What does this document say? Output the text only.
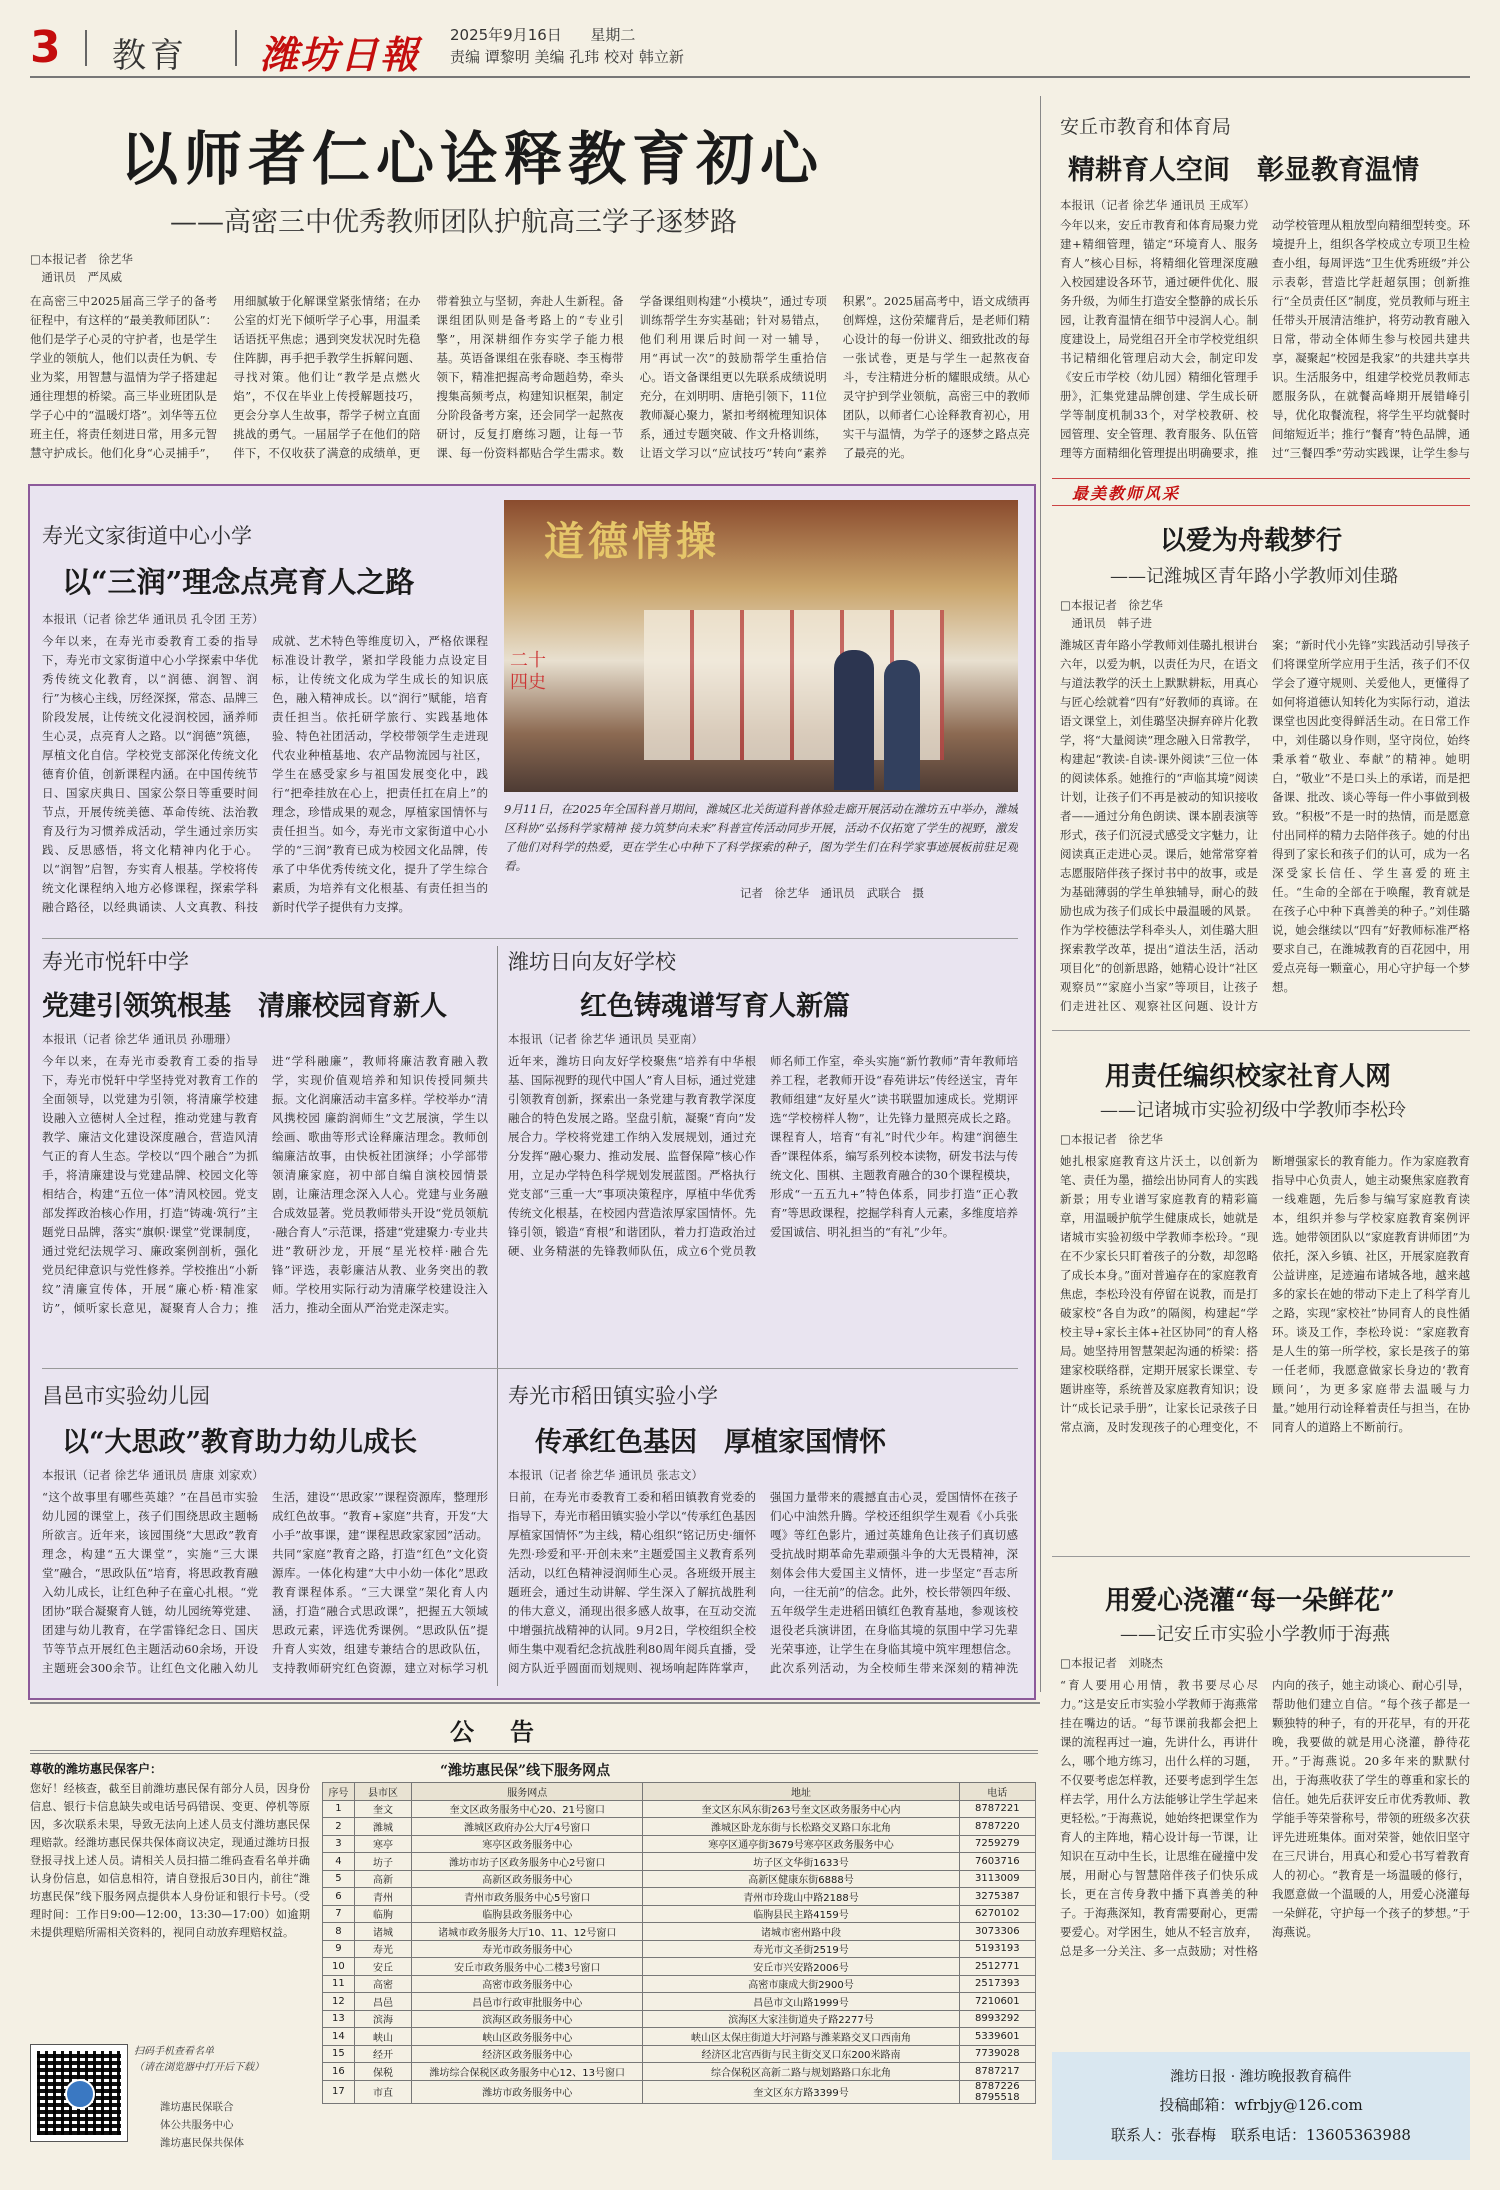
3 教育 潍坊日報 2025年9月16日 星期二
责编 谭黎明 美编 孔玮 校对 韩立新
以师者仁心诠释教育初心
——高密三中优秀教师团队护航高三学子逐梦路
□本报记者　徐艺华
　通讯员　严凤威
在高密三中2025届高三学子的备考征程中，有这样的“最美教师团队”：他们是学子心灵的守护者，也是学生学业的领航人，他们以责任为帆、专业为桨，用智慧与温情为学子搭建起通往理想的桥梁。高三毕业班团队是学子心中的“温暖灯塔”。刘华等五位班主任，将责任刻进日常，用多元智慧守护成长。他们化身“心灵捕手”，用细腻敏于化解课堂紧张情绪；在办公室的灯光下倾听学子心事，用温柔话语抚平焦虑；遇到突发状况时先稳住阵脚，再手把手教学生拆解问题、寻找对策。他们让“教学是点燃火焰”，不仅在毕业上传授解题技巧，更会分享人生故事，帮学子树立直面挑战的勇气。一届届学子在他们的陪伴下，不仅收获了满意的成绩单，更带着独立与坚韧，奔赴人生新程。备课组团队则是备考路上的“专业引擎”，用深耕细作夯实学子能力根基。英语备课组在张春晓、李玉梅带领下，精准把握高考命题趋势，牵头搜集高频考点，构建知识框架，制定分阶段备考方案，还会同学一起熬夜研讨，反复打磨练习题，让每一节课、每一份资料都贴合学生需求。数学备课组则构建“小模块”，通过专项训练帮学生夯实基础；针对易错点，他们利用课后时间一对一辅导，用“再试一次”的鼓励帮学生重拾信心。语文备课组更以先联系成绩说明充分，在刘明明、唐艳引领下，11位教师凝心聚力，紧扣考纲梳理知识体系，通过专题突破、作文升格训练，让语文学习以“应试技巧”转向“素养积累”。2025届高考中，语文成绩再创辉煌，这份荣耀背后，是老师们精心设计的每一份讲义、细致批改的每一张试卷，更是与学生一起熬夜奋斗，专注精进分析的耀眼成绩。从心灵守护到学业领航，高密三中的教师团队，以师者仁心诠释教育初心，用实干与温情，为学子的逐梦之路点亮了最亮的光。
寿光文家街道中心小学
以“三润”理念点亮育人之路
本报讯（记者 徐艺华 通讯员 孔令团 王芳）
今年以来，在寿光市委教育工委的指导下，寿光市文家街道中心小学探索中华优秀传统文化教育，以“润德、润智、润行”为核心主线，厉经深探，常态、品牌三阶段发展，让传统文化浸润校园，涵养师生心灵，点亮育人之路。以“润德”筑德，厚植文化自信。学校党支部深化传统文化德育价值，创新课程内涵。在中国传统节日、国家庆典日、国家公祭日等重要时间节点，开展传统美德、革命传统、法治教育及行为习惯养成活动，学生通过亲历实践、反思感悟，将文化精神内化于心。以“润智”启智，夯实育人根基。学校将传统文化课程纳入地方必修课程，探索学科融合路径，以经典诵读、人文真教、科技成就、艺术特色等维度切入，严格依课程标准设计教学，紧扣学段能力点设定目标，让传统文化成为学生成长的知识底色，融入精神成长。以“润行”赋能，培育责任担当。依托研学旅行、实践基地体验、特色社团活动，学校带领学生走进现代农业种植基地、农产品物流园与社区，学生在感受家乡与祖国发展变化中，践行“把牵挂放在心上，把责任扛在肩上”的理念，珍惜成果的观念，厚植家国情怀与责任担当。如今，寿光市文家街道中心小学的“三润”教育已成为校园文化品牌，传承了中华优秀传统文化，提升了学生综合素质，为培养有文化根基、有责任担当的新时代学子提供有力支撑。
道德情操
二十四史
9月11日，在2025年全国科普月期间，潍城区北关街道科普体验走廊开展活动在潍坊五中举办，潍城区科协“弘扬科学家精神 接力筑梦向未来”科普宣传活动同步开展，活动不仅拓宽了学生的视野，激发了他们对科学的热爱，更在学生心中种下了科学探索的种子，图为学生们在科学家事迹展板前驻足观看。
记者　徐艺华　通讯员　武联合　摄
寿光市悦轩中学
党建引领筑根基　清廉校园育新人
本报讯（记者 徐艺华 通讯员 孙珊珊）
今年以来，在寿光市委教育工委的指导下，寿光市悦轩中学坚持党对教育工作的全面领导，以党建为引领，将清廉学校建设融入立德树人全过程，推动党建与教育教学、廉洁文化建设深度融合，营造风清气正的育人生态。学校以“四个融合”为抓手，将清廉建设与党建品牌、校园文化等相结合，构建“五位一体”清风校园。党支部发挥政治核心作用，打造“铸魂·筑行”主题党日品牌，落实“旗帜·课堂”党课制度，通过党纪法规学习、廉政案例剖析，强化党员纪律意识与党性修养。学校推出“小新纹”清廉宣传体，开展“廉心桥·精准家访”，倾听家长意见，凝聚育人合力；推进“学科融廉”，教师将廉洁教育融入教学，实现价值观培养和知识传授同频共振。文化润廉活动丰富多样。学校举办“清风携校园 廉韵润师生”文艺展演，学生以绘画、歌曲等形式诠释廉洁理念。教师创编廉洁故事，由快板社团演绎；小学部带领清廉家庭，初中部自编自演校园情景剧，让廉洁理念深入人心。党建与业务融合成效显著。党员教师带头开设“党员领航·融合育人”示范课，搭建“党建聚力·专业共进”教研沙龙，开展“星光校样·融合先锋”评选，表彰廉洁从教、业务突出的教师。学校用实际行动为清廉学校建设注入活力，推动全面从严治党走深走实。
潍坊日向友好学校
红色铸魂谱写育人新篇
本报讯（记者 徐艺华 通讯员 吴亚南）
近年来，潍坊日向友好学校聚焦“培养有中华根基、国际视野的现代中国人”育人目标，通过党建引领教育创新，探索出一条党建与教育教学深度融合的特色发展之路。坚盘引航，凝聚“育向”发展合力。学校将党建工作纳入发展规划，通过充分发挥“融心聚力、推动发展、监督保障”核心作用，立足办学特色科学规划发展蓝图。严格执行党支部“三重一大”事项决策程序，厚植中华优秀传统文化根基，在校园内营造浓厚家国情怀。先锋引领，锻造“育根”和谐团队，着力打造政治过硬、业务精湛的先锋教师队伍，成立6个党员教师名师工作室，牵头实施“新竹教师”青年教师培养工程，老教师开设“春苑讲坛”传经送宝，青年教师组建“友好星火”读书联盟加速成长。党期评选“学校榜样人物”，让先锋力量照亮成长之路。课程育人，培育“有礼”时代少年。构建“润德生香”课程体系，编写系列校本读物，研发书法与传统文化、围棋、主题教育融合的30个课程模块，形成“一五五九+”特色体系，同步打造“正心教育”等思政课程，挖掘学科育人元素，多维度培养爱国诚信、明礼担当的“有礼”少年。
昌邑市实验幼儿园
以“大思政”教育助力幼儿成长
本报讯（记者 徐艺华 通讯员 唐康 刘家欢）
“这个故事里有哪些英雄？”在昌邑市实验幼儿园的课堂上，孩子们围绕思政主题畅所欲言。近年来，该园围绕“大思政”教育理念，构建“五大课堂”，实施“三大课堂”融合，“思政队伍”培育，将思政教育融入幼儿成长，让红色种子在童心扎根。“党团协”联合凝聚育人链，幼儿园统筹党建、团建与幼儿教育，在学雷锋纪念日、国庆节等节点开展红色主题活动60余场，开设主题班会300余节。让红色文化融入幼儿生活，建设“‘思政家’”课程资源库，整理形成红色故事。“教育+家庭”共育，开发“大小手”故事课，建“课程思政家家园”活动。共同“家庭”教育之路，打造“红色”文化资源库。一体化构建“大中小幼一体化”思政教育课程体系。“三大课堂”架化育人内涵，打造“融合式思政课”，把握五大领域思政元素，评选优秀课例。“思政队伍”提升育人实效，组建专兼结合的思政队伍，支持教师研究红色资源，建立对标学习机
寿光市稻田镇实验小学
传承红色基因　厚植家国情怀
本报讯（记者 徐艺华 通讯员 张志文）
日前，在寿光市委教育工委和稻田镇教育党委的指导下，寿光市稻田镇实验小学以“传承红色基因 厚植家国情怀”为主线，精心组织“铭记历史·缅怀先烈·珍爱和平·开创未来”主题爱国主义教育系列活动，以红色精神浸润师生心灵。各班级开展主题班会，通过生动讲解、学生深入了解抗战胜利的伟大意义，涌现出很多感人故事，在互动交流中增强抗战精神的认同。9月2日，学校组织全校师生集中观看纪念抗战胜利80周年阅兵直播，受阅方队近乎圆面而划规则、视场响起阵阵掌声，强国力量带来的震撼直击心灵，爱国情怀在孩子们心中油然升腾。学校还组织学生观看《小兵张嘎》等红色影片，通过英雄角色让孩子们真切感受抗战时期革命先辈顽强斗争的大无畏精神，深刻体会伟大爱国主义情怀，进一步坚定“吾志所向，一往无前”的信念。此外，校长带领四年级、五年级学生走进稻田镇红色教育基地，参观该校退役老兵演讲团，在身临其境的氛围中学习先辈光荣事迹，让学生在身临其境中筑牢理想信念。此次系列活动，为全校师生带来深刻的精神洗
安丘市教育和体育局
精耕育人空间　彰显教育温情
本报讯（记者 徐艺华 通讯员 王成军）
今年以来，安丘市教育和体育局聚力党建+精细管理，锚定“环境育人、服务育人”核心目标，将精细化管理深度融入校园建设各环节，通过硬件优化、服务升级，为师生打造安全整静的成长乐园，让教育温情在细节中浸润人心。制度建设上，局党组召开全市学校党组织书记精细化管理启动大会，制定印发《安丘市学校（幼儿园）精细化管理手册》，汇集党建品牌创建、学生成长研学等制度机制33个，对学校教研、校园管理、安全管理、教育服务、队伍管理等方面精细化管理提出明确要求，推动学校管理从粗放型向精细型转变。环境提升上，组织各学校成立专项卫生检查小组，每周评选“卫生优秀班级”并公示表彰，营造比学赶超氛围；创新推行“全员责任区”制度，党员教师与班主任带头开展清洁维护，将劳动教育融入日常，带动全体师生参与校园共建共享，凝聚起“校园是我家”的共建共享共识。生活服务中，组建学校党员教师志愿服务队，在就餐高峰期开展错峰引导，优化取餐流程，将学生平均就餐时间缩短近半；推行“餐育”特色品牌，通过“三餐四季”劳动实践课，让学生参与
最美教师风采
以爱为舟载梦行
——记潍城区青年路小学教师刘佳璐
□本报记者　徐艺华
　通讯员　韩子进
潍城区青年路小学教师刘佳璐扎根讲台六年，以爱为帆，以责任为尺，在语文与道法教学的沃土上默默耕耘，用真心与匠心绘就着“四有”好教师的真谛。在语文课堂上，刘佳璐坚决摒弃碎片化教学，将“大量阅读”理念融入日常教学，构建起“教读-自读-课外阅读”三位一体的阅读体系。她推行的“声临其境”阅读计划，让孩子们不再是被动的知识接收者——通过分角色朗读、课本剧表演等形式，孩子们沉浸式感受文字魅力，让阅读真正走进心灵。课后，她常常穿着志愿服陪伴孩子探讨书中的故事，或是为基础薄弱的学生单独辅导，耐心的鼓励也成为孩子们成长中最温暖的风景。作为学校德法学科牵头人，刘佳璐大胆探索教学改革，提出“道法生活，活动项目化”的创新思路，她精心设计“社区观察员”“家庭小当家”等项目，让孩子们走进社区、观察社区问题、设计方案；“新时代小先锋”实践活动引导孩子们将课堂所学应用于生活，孩子们不仅学会了遵守规则、关爱他人，更懂得了如何将道德认知转化为实际行动，道法课堂也因此变得鲜活生动。在日常工作中，刘佳璐以身作则，坚守岗位，始终秉承着“敬业、奉献”的精神。她明白，“敬业”不是口头上的承诺，而是把备课、批改、谈心等每一件小事做到极致。“积极”不是一时的热情，而是愿意付出同样的精力去陪伴孩子。她的付出得到了家长和孩子们的认可，成为一名深受家长信任、学生喜爱的班主任。“生命的全部在于唤醒，教育就是在孩子心中种下真善美的种子。”刘佳璐说，她会继续以“四有”好教师标准严格要求自己，在潍城教育的百花园中，用爱点亮每一颗童心，用心守护每一个梦想。
用责任编织校家社育人网
——记诸城市实验初级中学教师李松玲
□本报记者　徐艺华
她扎根家庭教育这片沃土，以创新为笔、责任为墨，描绘出协同育人的实践新景；用专业谱写家庭教育的精彩篇章，用温暖护航学生健康成长，她就是诸城市实验初级中学教师李松玲。“现在不少家长只盯着孩子的分数，却忽略了成长本身。”面对普遍存在的家庭教育焦虑，李松玲没有停留在说教，而是打破家校“各自为政”的隔阂，构建起“学校主导+家长主体+社区协同”的育人格局。她坚持用智慧架起沟通的桥梁：搭建家校联络群，定期开展家长课堂、专题讲座等，系统普及家庭教育知识；设计“成长记录手册”，让家长记录孩子日常点滴，及时发现孩子的心理变化，不断增强家长的教育能力。作为家庭教育指导中心负责人，她主动聚焦家庭教育一线难题，先后参与编写家庭教育读本，组织并参与学校家庭教育案例评选。她带领团队以“家庭教育讲师团”为依托，深入乡镇、社区，开展家庭教育公益讲座，足迹遍布诸城各地，越来越多的家长在她的带动下走上了科学育儿之路，实现“家校社”协同育人的良性循环。谈及工作，李松玲说：“家庭教育是人生的第一所学校，家长是孩子的第一任老师，我愿意做家长身边的‘教育顾问’，为更多家庭带去温暖与力量。”她用行动诠释着责任与担当，在协同育人的道路上不断前行。
用爱心浇灌“每一朵鲜花”
——记安丘市实验小学教师于海燕
□本报记者　刘晓杰
“育人要用心用情，教书要尽心尽力。”这是安丘市实验小学教师于海燕常挂在嘴边的话。“每节课前我都会把上课的流程再过一遍，先讲什么，再讲什么，哪个地方练习，出什么样的习题，不仅要考虑怎样教，还要考虑到学生怎样去学，用什么方法能够让学生学起来更轻松。”于海燕说，她始终把课堂作为育人的主阵地，精心设计每一节课，让知识在互动中生长，让思维在碰撞中发展，用耐心与智慧陪伴孩子们快乐成长，更在言传身教中播下真善美的种子。于海燕深知，教育需要耐心，更需要爱心。对学困生，她从不轻言放弃，总是多一分关注、多一点鼓励；对性格内向的孩子，她主动谈心、耐心引导，帮助他们建立自信。“每个孩子都是一颗独特的种子，有的开花早，有的开花晚，我要做的就是用心浇灌，静待花开。”于海燕说。20多年来的默默付出，于海燕收获了学生的尊重和家长的信任。她先后获评安丘市优秀教师、教学能手等荣誉称号，带领的班级多次获评先进班集体。面对荣誉，她依旧坚守在三尺讲台，用真心和爱心书写着教育人的初心。“教育是一场温暖的修行，我愿意做一个温暖的人，用爱心浇灌每一朵鲜花，守护每一个孩子的梦想。”于海燕说。
公　告
尊敬的潍坊惠民保客户：
您好！经核查，截至目前潍坊惠民保有部分人员，因身份信息、银行卡信息缺失或电话号码错误、变更、停机等原因，多次联系未果，导致无法向上述人员支付潍坊惠民保理赔款。经潍坊惠民保共保体商议决定，现通过潍坊日报登报寻找上述人员。请相关人员扫描二维码查看名单并确认身份信息，如信息相符，请自登报后30日内，前往“潍坊惠民保”线下服务网点提供本人身份证和银行卡号。（受理时间：工作日9:00—12:00，13:30—17:00）如逾期未提供理赔所需相关资料的，视同自动放弃理赔权益。
扫码手机查看名单
（请在浏览器中打开后下载）
潍坊惠民保联合
体公共服务中心
潍坊惠民保共保体
“潍坊惠民保”线下服务网点
序号	县市区	服务网点	地址	电话
1	奎文	奎文区政务服务中心20、21号窗口	奎文区东风东街263号奎文区政务服务中心内	8787221
2	潍城	潍城区政府办公大厅4号窗口	潍城区卧龙东街与长松路交叉路口东北角	8787220
3	寒亭	寒亭区政务服务中心	寒亭区通亭街3679号寒亭区政务服务中心	7259279
4	坊子	潍坊市坊子区政务服务中心2号窗口	坊子区文华街1633号	7603716
5	高新	高新区政务服务中心	高新区健康东街6888号	3113009
6	青州	青州市政务服务中心5号窗口	青州市玲珑山中路2188号	3275387
7	临朐	临朐县政务服务中心	临朐县民主路4159号	6270102
8	诸城	诸城市政务服务大厅10、11、12号窗口	诸城市密州路中段	3073306
9	寿光	寿光市政务服务中心	寿光市文圣街2519号	5193193
10	安丘	安丘市政务服务中心二楼3号窗口	安丘市兴安路2006号	2512771
11	高密	高密市政务服务中心	高密市康成大街2900号	2517393
12	昌邑	昌邑市行政审批服务中心	昌邑市文山路1999号	7210601
13	滨海	滨海区政务服务中心	滨海区大家洼街道央子路2277号	8993292
14	峡山	峡山区政务服务中心	峡山区太保庄街道大圩河路与潍莱路交叉口西南角	5339601
15	经开	经济区政务服务中心	经济区北宫西街与民主街交叉口东200米路南	7739028
16	保税	潍坊综合保税区政务服务中心12、13号窗口	综合保税区高新二路与规划路路口东北角	8787217
17	市直	潍坊市政务服务中心	奎文区东方路3399号	8787226
8795518
潍坊日报 · 潍坊晚报教育稿件
投稿邮箱：wfrbjy@126.com
联系人：张春梅　联系电话：13605363988
